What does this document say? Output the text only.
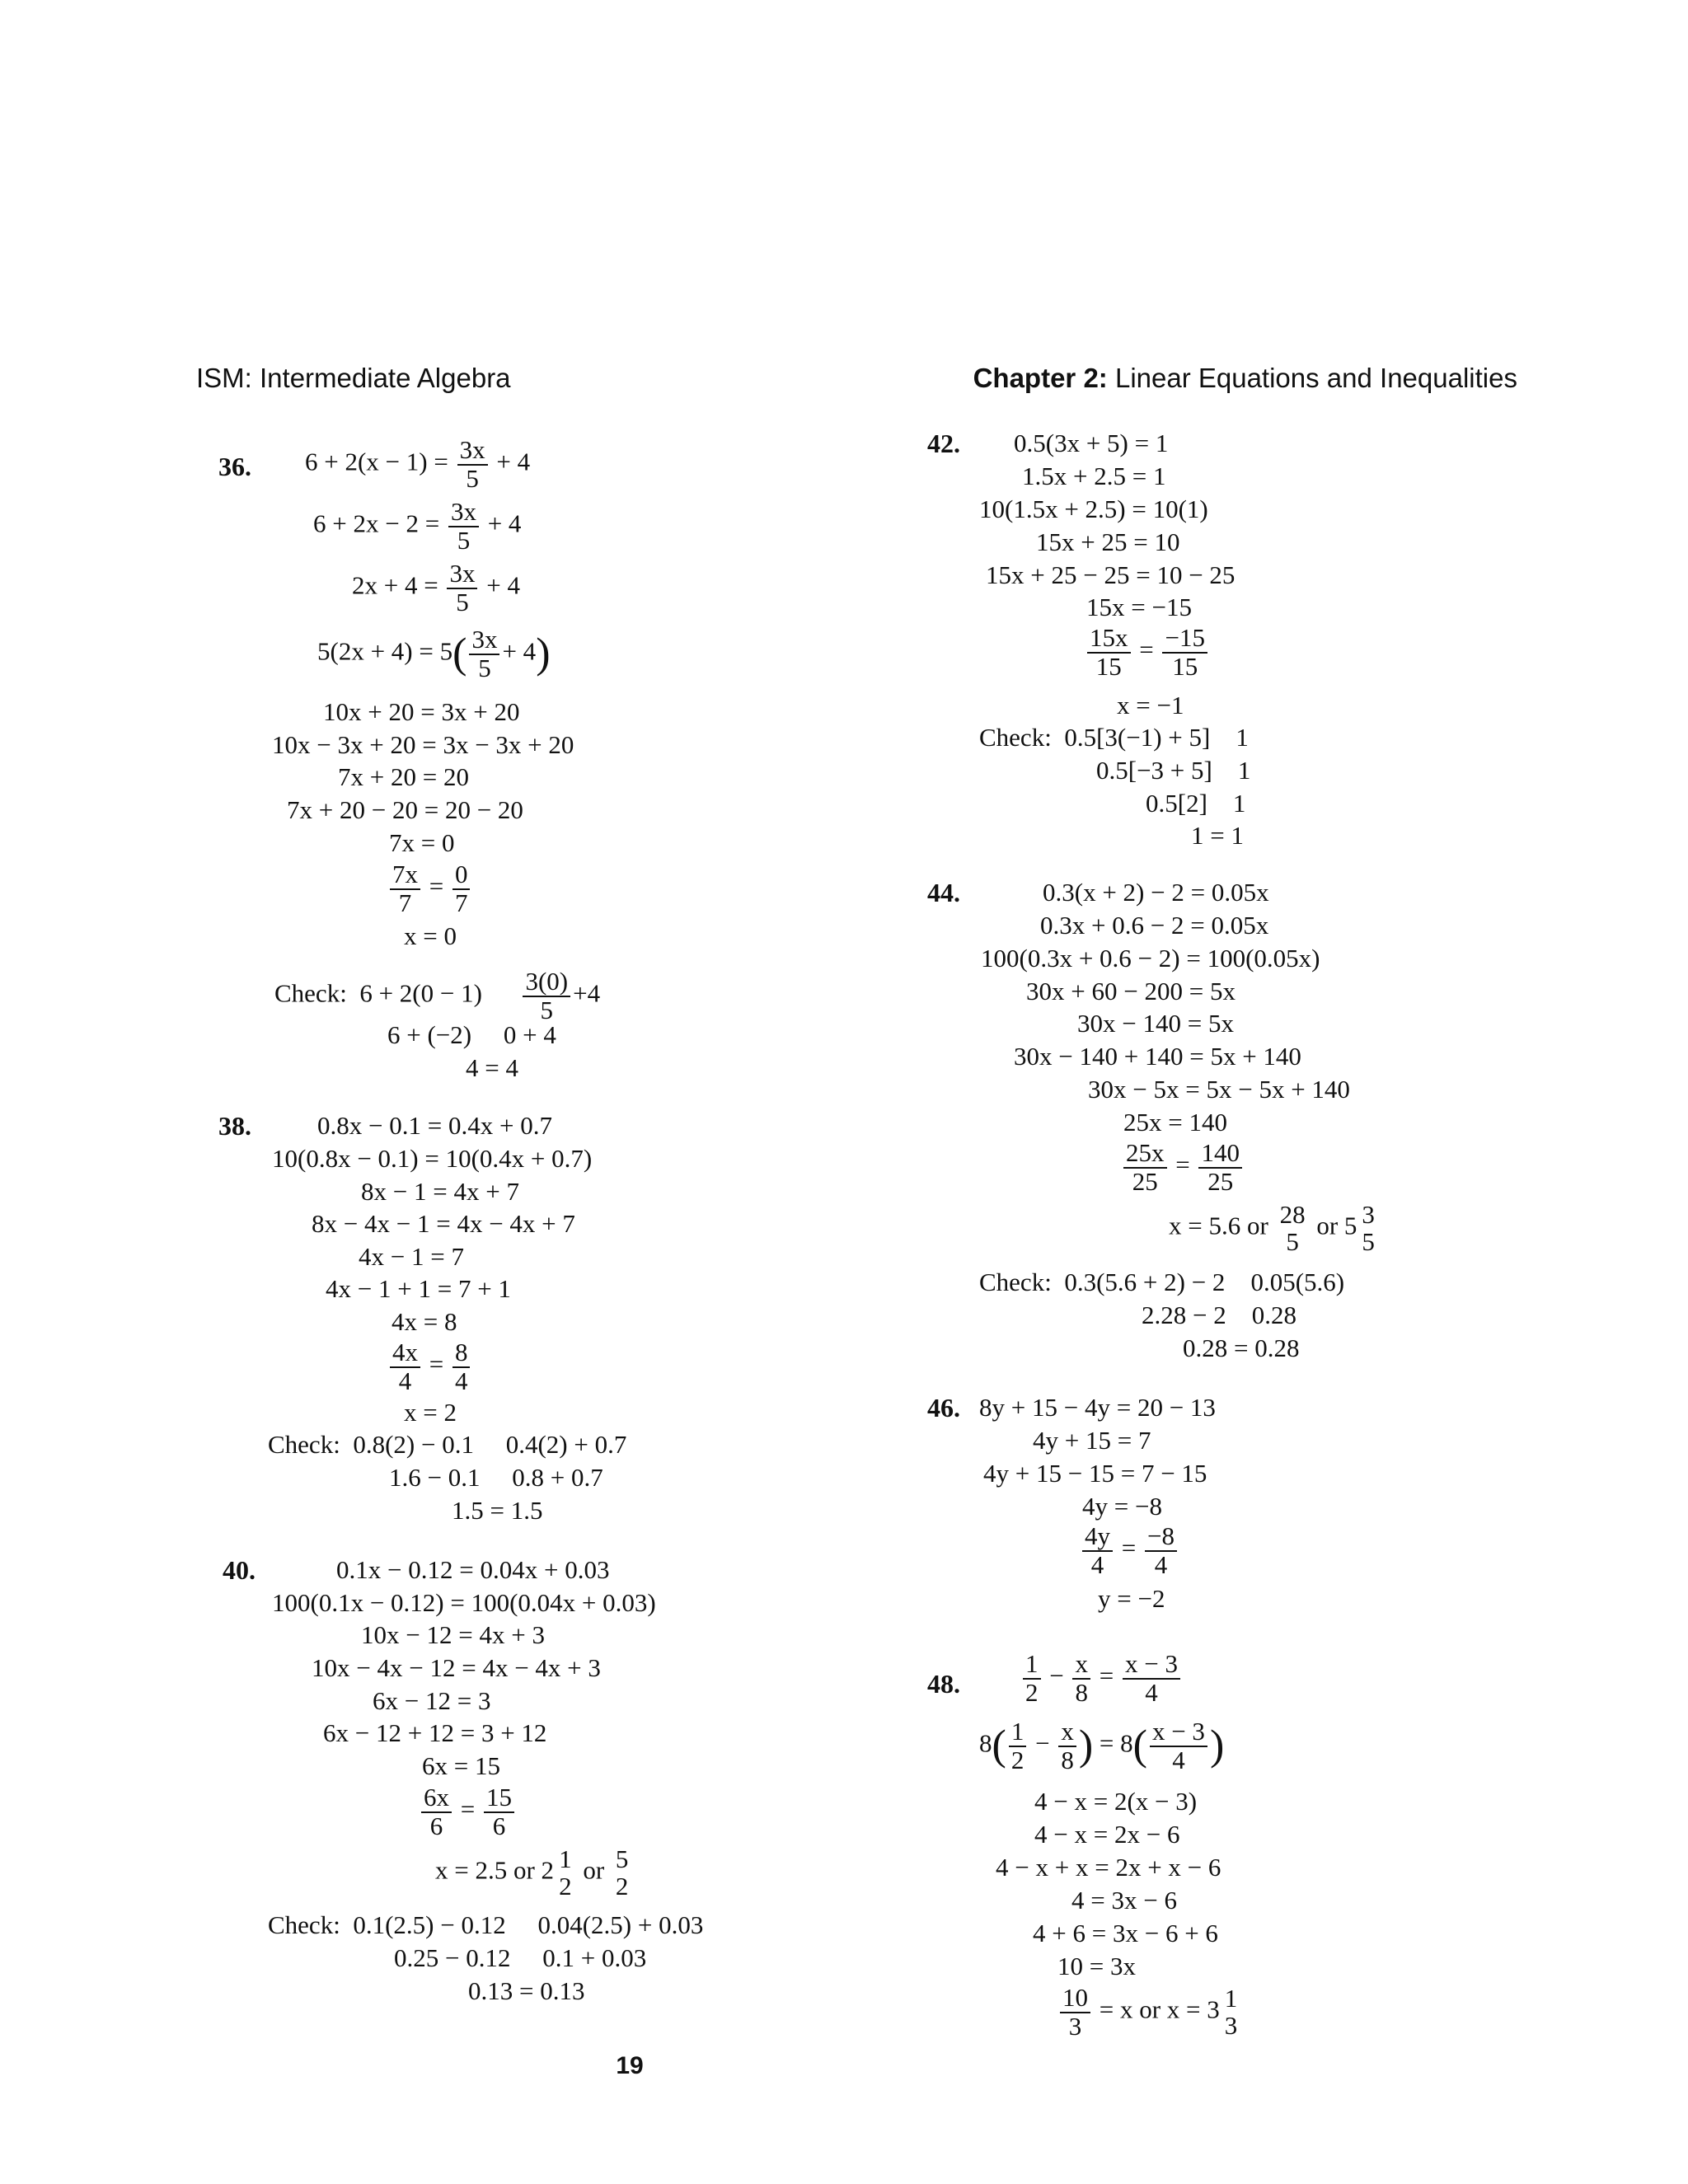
ISM: Intermediate Algebra	Chapter 2: Linear Equations and Inequalities
36. $6 + 2(x - 1) = \frac{3x}{5} + 4$
$6 + 2x - 2 = \frac{3x}{5} + 4$
$2x + 4 = \frac{3x}{5} + 4$
$5(2x + 4) = 5( \frac{3x}{5} + 4)$
10x + 20 = 3x + 20
10x − 3x + 20 = 3x − 3x + 20
7x + 20 = 20
7x + 20 − 20 = 20 − 20
7x = 0
$\frac{7x}{7} = \frac{0}{7}$
x = 0
Check: $6 + 2(0 - 1) \frac{3(0)}{5} +4$
6 + (−2) 0 + 4
4 = 4
38.	0.8x − 0.1 = 0.4x + 0.7
10(0.8x − 0.1) = 10(0.4x + 0.7)
8x − 1 = 4x + 7
8x − 4x − 1 = 4x − 4x + 7
4x − 1 = 7
4x − 1 + 1 = 7 + 1
4x = 8
$\frac{4x}{4} = \frac{8}{4}$
x = 2
Check: 0.8(2) − 0.1 0.4(2) + 0.7
1.6 − 0.1 0.8 + 0.7
1.5 = 1.5
40.	0.1x − 0.12 = 0.04x + 0.03
100(0.1x − 0.12) = 100(0.04x + 0.03)
10x − 12 = 4x + 3
10x − 4x − 12 = 4x − 4x + 3
6x − 12 = 3
6x − 12 + 12 = 3 + 12
6x = 15
$\frac{6x}{6} = \frac{15}{6}$
x = 2.5 or 2 1
2
or 5
2
Check: 0.1(2.5) − 0.12 0.04(2.5) + 0.03
0.25 − 0.12 0.1 + 0.03
0.13 = 0.13
42. 0.5(3x + 5) = 1
1.5x + 2.5 = 1
10(1.5x + 2.5) = 10(1)
15x + 25 = 10
15x + 25 − 25 = 10 − 25
15x = −15
$\frac{15x}{15} = \frac{-15}{15}$
x = −1
Check: 0.5[3(−1) + 5] 1
0.5[−3 + 5] 1
0.5[2] 1
1 = 1
44.	0.3(x + 2) − 2 = 0.05x
0.3x + 0.6 − 2 = 0.05x
100(0.3x + 0.6 − 2) = 100(0.05x)
30x + 60 − 200 = 5x
30x − 140 = 5x
30x − 140 + 140 = 5x + 140
30x − 5x = 5x − 5x + 140
25x = 140
$\frac{25x}{25} = \frac{140}{25}$
x = 5.6 or 28
5
or 5 3
5
Check: 0.3(5.6 + 2) − 2 0.05(5.6)
2.28 − 2 0.28
0.28 = 0.28
46. 8y + 15 − 4y = 20 − 13
4y + 15 = 7
4y + 15 − 15 = 7 − 15
4y = −8
$\frac{4y}{4} = \frac{-8}{4}$
y = −2
48. $\frac{1}{2} - \frac{x}{8} = \frac{x - 3}{4}$
$8( \frac{1}{2} - \frac{x}{8}$ ) = $8( \frac{x - 3}{4}$ )
4 − x = 2(x − 3)
4 − x = 2x − 6
4 − x + x = 2x + x − 6
4 = 3x − 6
4 + 6 = 3x − 6 + 6
10 = 3x
$\frac{10}{3} = x$ or x = 3 1
3
19
